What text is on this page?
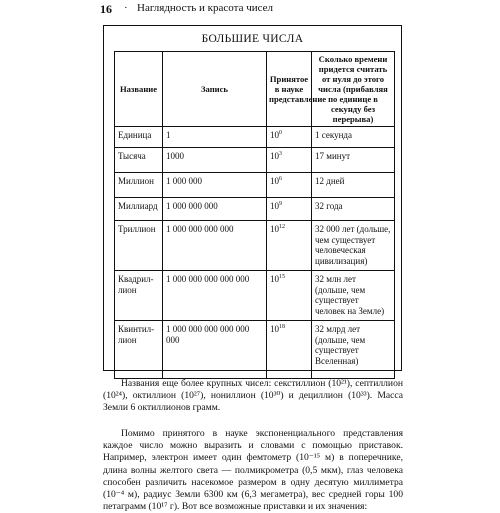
16 · Наглядность и красота чисел
БОЛЬШИЕ ЧИСЛА
Название	Запись	Принятое в науке представление	Сколько времени придется считать от нуля до этого числа (прибавляя по единице в секунду без перерыва)
Единица	1	$10^0$	1 секунда
Тысяча	1000	$10^3$	17 минут
Миллион	1 000 000	$10^6$	12 дней
Миллиард	1 000 000 000	$10^9$	32 года
Триллион	1 000 000 000 000	$10^{12}$	32 000 лет (дольше, чем существует человеческая цивилизация)
Квадрил-лион	1 000 000 000 000 000	$10^{15}$	32 млн лет (дольше, чем существует человек на Земле)
Квинтил-лион	1 000 000 000 000 000 000	$10^{18}$	32 млрд лет (дольше, чем существует Вселенная)

Названия еще более крупных чисел: секстиллион (10²¹), септиллион (10²⁴), октиллион (10²⁷), нониллион (10³⁰) и дециллион (10³³). Масса Земли 6 октиллионов грамм.

Помимо принятого в науке экспоненциального представления каждое число можно выразить и словами с помощью приставок. Например, электрон имеет один фемтометр (10⁻¹⁵ м) в поперечнике, длина волны желтого света — полмикрометра (0,5 мкм), глаз человека способен различить насекомое размером в одну десятую миллиметра (10⁻⁴ м), радиус Земли 6300 км (6,3 мегаметра), вес средней горы 100 петаграмм (10¹⁷ г). Вот все возможные приставки и их значения:
